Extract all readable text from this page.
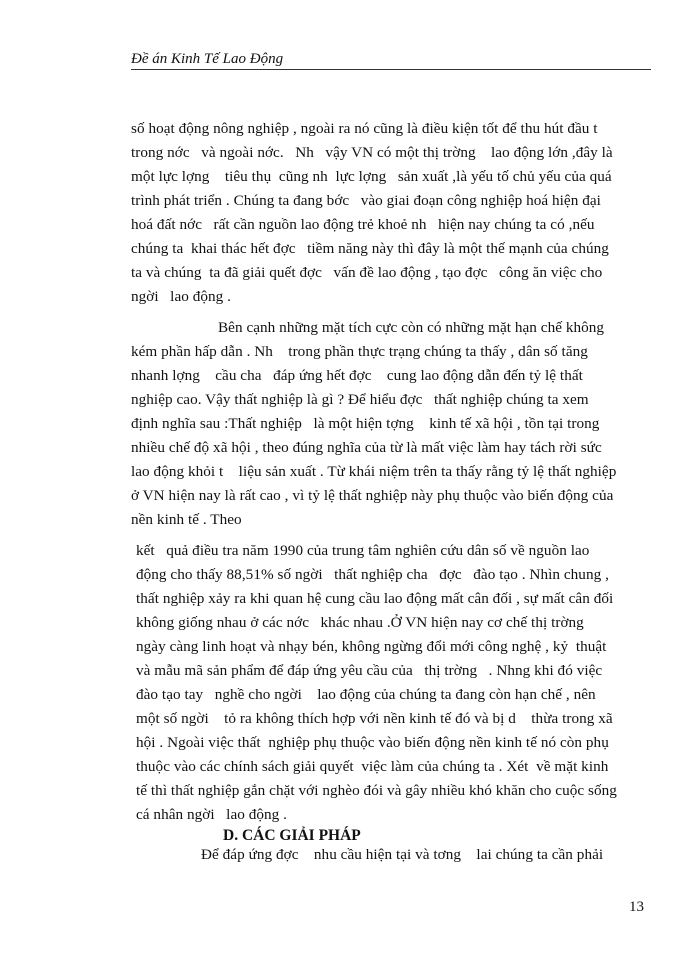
Đề án Kinh Tế Lao Động
số hoạt động nông nghiệp , ngoài ra nó cũng là điều kiện tốt để thu hút đầu t
trong nớc   và ngoài nớc.   Nh   vậy VN có một thị trờng    lao động lớn ,đây là
một lực lợng    tiêu thụ  cũng nh  lực lợng   sản xuất ,là yếu tố chủ yếu của quá
trình phát triển . Chúng ta đang bớc   vào giai đoạn công nghiệp hoá hiện đại
hoá đất nớc   rất cần nguồn lao động trẻ khoẻ nh   hiện nay chúng ta có ,nếu
chúng ta  khai thác hết đợc   tiềm năng này thì đây là một thế mạnh của chúng
ta và chúng  ta đã giải quết đợc   vấn đề lao động , tạo đợc   công ăn việc cho
ngời   lao động .
Bên cạnh những mặt tích cực còn có những mặt hạn chế không
kém phần hấp dẫn . Nh    trong phần thực trạng chúng ta thấy , dân số tăng
nhanh lợng    cầu cha   đáp ứng hết đợc    cung lao động dẫn đến tỷ lệ thất
nghiệp cao. Vậy thất nghiệp là gì ? Để hiểu đợc   thất nghiệp chúng ta xem
định nghĩa sau :Thất nghiệp   là một hiện tợng    kinh tế xã hội , tồn tại trong
nhiều chế độ xã hội , theo đúng nghĩa của từ là mất việc làm hay tách rời sức
lao động khỏi t    liệu sản xuất . Từ khái niệm trên ta thấy rằng tỷ lệ thất nghiệp
ở VN hiện nay là rất cao , vì tỷ lệ thất nghiệp này phụ thuộc vào biến động của
nền kinh tế . Theo
kết   quả điều tra năm 1990 của trung tâm nghiên cứu dân số về nguồn lao
động cho thấy 88,51% số ngời   thất nghiệp cha   đợc   đào tạo . Nhìn chung ,
thất nghiệp xảy ra khi quan hệ cung cầu lao động mất cân đối , sự mất cân đối
không giống nhau ở các nớc   khác nhau .Ở VN hiện nay cơ chế thị trờng
ngày càng linh hoạt và nhạy bén, không ngừng đổi mới công nghệ , kỷ  thuật
và mẫu mã sản phẩm để đáp ứng yêu cầu của   thị trờng   . Nhng khi đó việc
đào tạo tay   nghề cho ngời    lao động của chúng ta đang còn hạn chế , nên
một số ngời    tỏ ra không thích hợp với nền kinh tế đó và bị d    thừa trong xã
hội . Ngoài việc thất  nghiệp phụ thuộc vào biến động nền kinh tế nó còn phụ
thuộc vào các chính sách giải quyết  việc làm của chúng ta . Xét  về mặt kinh
tế thì thất nghiệp gắn chặt với nghèo đói và gây nhiều khó khăn cho cuộc sống
cá nhân ngời   lao động .
D. CÁC GIẢI PHÁP
Để đáp ứng đợc    nhu cầu hiện tại và tơng    lai chúng ta cần phải
13
